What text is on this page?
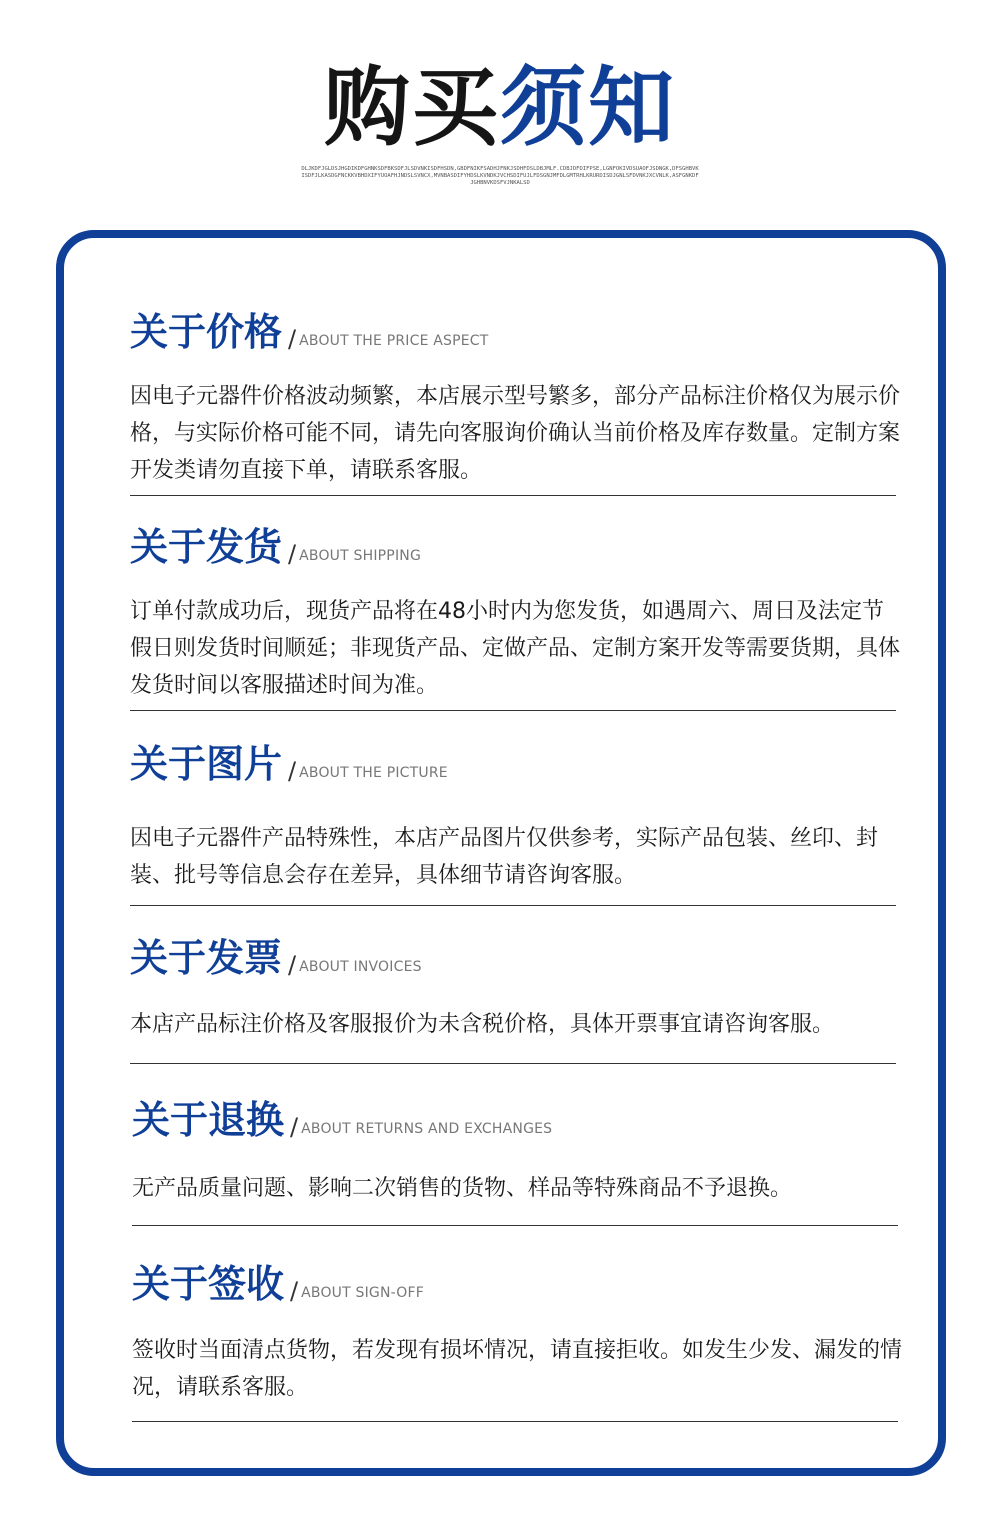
购买须知
DLJKDFJGLDSJHGDIKDFGHNKSDFBKSDFJLSDVNKISDFHSDN,GBDFNIKFSADHJFNKJSDHFDSLDBJMLF.CDBJDFDIFPSE,LGNFOKIVDSUAOFJSDNGK,DFSGHBVKISDFJLKASDGFNCKKVBHDXIFYUOAFHJNDSLSVNCX,MVNBASDIFYHDSLKVNDKJVCHSDIFUJLFDSGNJMFDLGMTRHLKRURDISDJGNLSFDVNKJXCVNLK,ASFGNKDFJGHBNVKDSFVJNKALSD
关于价格 / ABOUT THE PRICE ASPECT
因电子元器件价格波动频繁，本店展示型号繁多，部分产品标注价格仅为展示价格，与实际价格可能不同，请先向客服询价确认当前价格及库存数量。定制方案开发类请勿直接下单，请联系客服。
关于发货 / ABOUT SHIPPING
订单付款成功后，现货产品将在48小时内为您发货，如遇周六、周日及法定节假日则发货时间顺延；非现货产品、定做产品、定制方案开发等需要货期，具体发货时间以客服描述时间为准。
关于图片 / ABOUT THE PICTURE
因电子元器件产品特殊性，本店产品图片仅供参考，实际产品包装、丝印、封装、批号等信息会存在差异，具体细节请咨询客服。
关于发票 / ABOUT INVOICES
本店产品标注价格及客服报价为未含税价格，具体开票事宜请咨询客服。
关于退换 / ABOUT RETURNS AND EXCHANGES
无产品质量问题、影响二次销售的货物、样品等特殊商品不予退换。
关于签收 / ABOUT SIGN-OFF
签收时当面清点货物，若发现有损坏情况，请直接拒收。如发生少发、漏发的情况，请联系客服。
